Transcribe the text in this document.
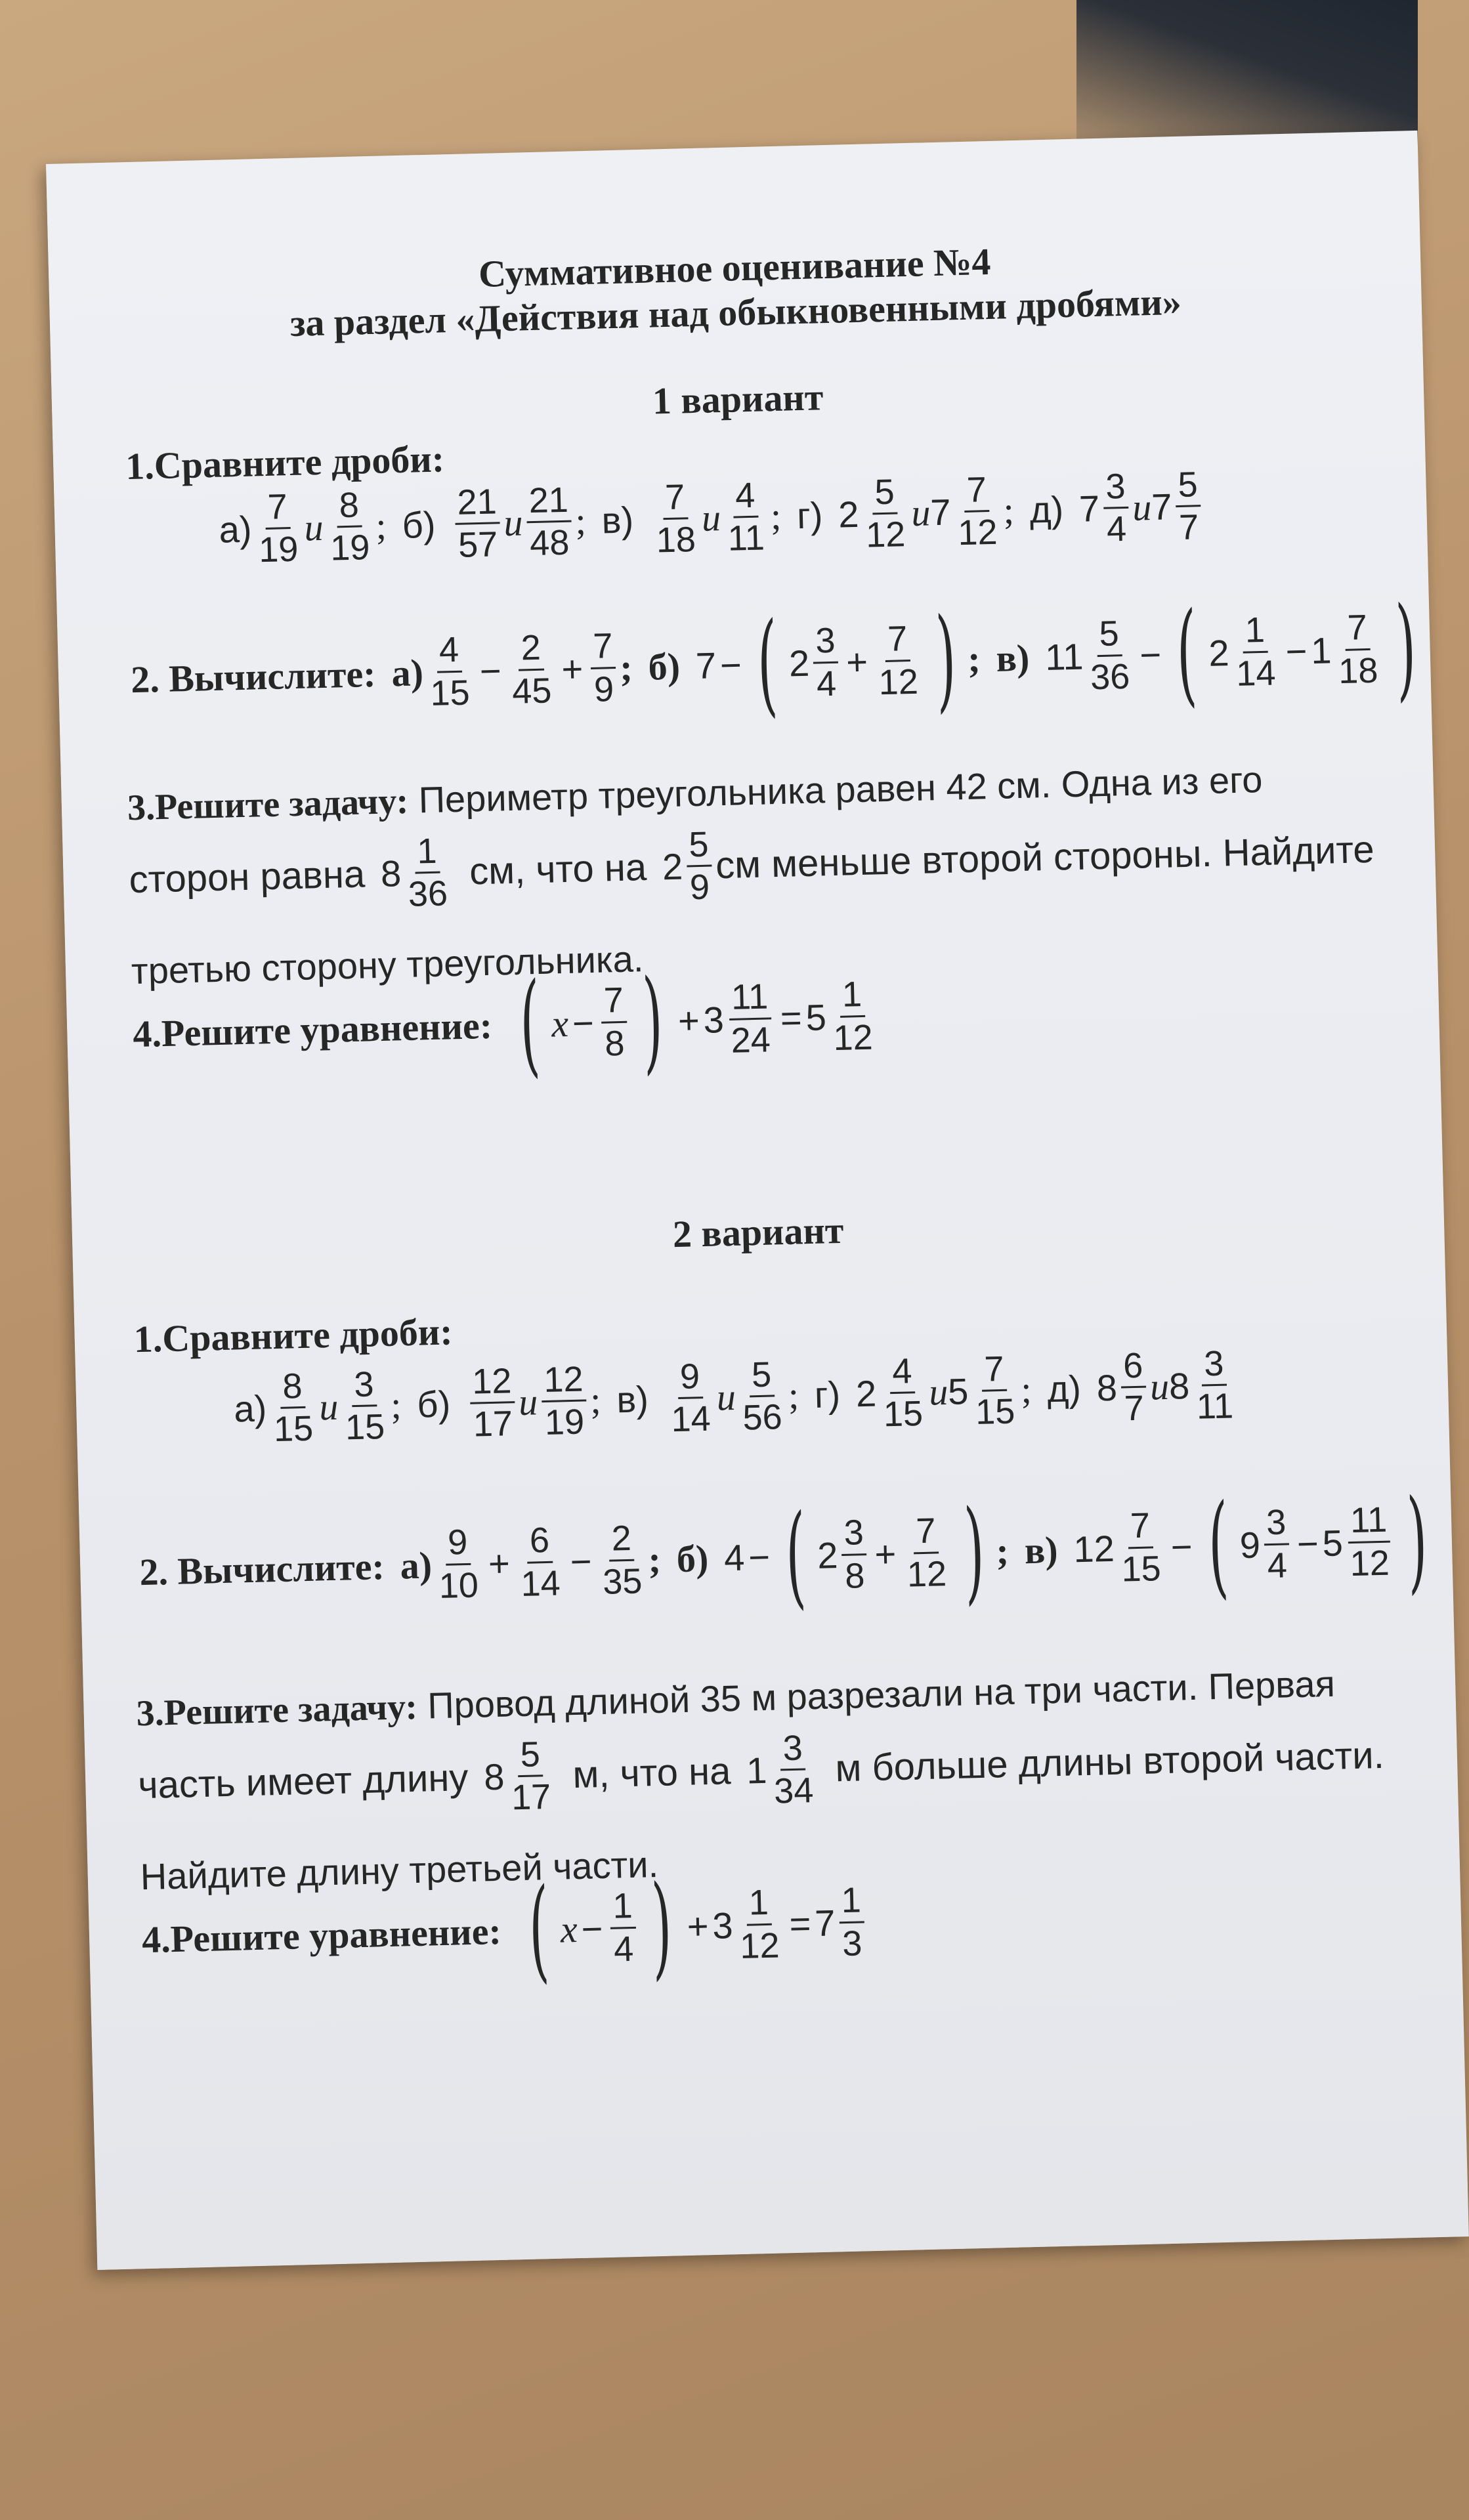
Суммативное оценивание №4
за раздел «Действия над обыкновенными дробями»
1 вариант
1.Сравните дроби:
$а) \frac{7}{19}$ и $\frac{8}{19}$ ; $б) \frac{21}{57}$ и $\frac{21}{48}$ ; $в) \frac{7}{18}$ и $\frac{4}{11}$ ; г) $2 \frac{5}{12}$ и
$7 \frac{7}{12}$ ; д) $7 \frac{3}{4}$ и
$7 \frac{5}{7}$
2. Вычислите: $а) \frac{4}{15} - \frac{2}{45} + \frac{7}{9}$ ; б) 7 − ( $2 \frac{3}{4} + \frac{7}{12}$ ) ; в) $11 \frac{5}{36}$ − ( $2 \frac{1}{14} - 1 \frac{7}{18}$ )
3.Решите задачу: Периметр треугольника равен 42 см. Одна из его
сторон равна $8 \frac{1}{36}$ см, что на $2 \frac{5}{9}$ см меньше второй стороны. Найдите
третью сторону треугольника.
4.Решите уравнение: ( $x - \frac{7}{8}$ ) + $3 \frac{11}{24} = 5 \frac{1}{12}$
2 вариант
1.Сравните дроби:
$а) \frac{8}{15}$ и $\frac{3}{15}$ ; $б) \frac{12}{17}$ и $\frac{12}{19}$ ; $в) \frac{9}{14}$ и $\frac{5}{56}$ ; г) $2 \frac{4}{15}$ и
$5 \frac{7}{15}$ ; д) $8 \frac{6}{7}$ и
$8 \frac{3}{11}$
2. Вычислите: $а) \frac{9}{10} + \frac{6}{14} - \frac{2}{35}$ ; б) 4 − ( $2 \frac{3}{8} + \frac{7}{12}$ ) ; в) $12 \frac{7}{15}$ − ( $9 \frac{3}{4} - 5 \frac{11}{12}$ )
3.Решите задачу: Провод длиной 35 м разрезали на три части. Первая
часть имеет длину $8 \frac{5}{17} м$, что на $1 \frac{3}{34}$ м больше длины второй части.
Найдите длину третьей части.
4.Решите уравнение: ( $x - \frac{1}{4}$ ) + $3 \frac{1}{12} = 7 \frac{1}{3}$
